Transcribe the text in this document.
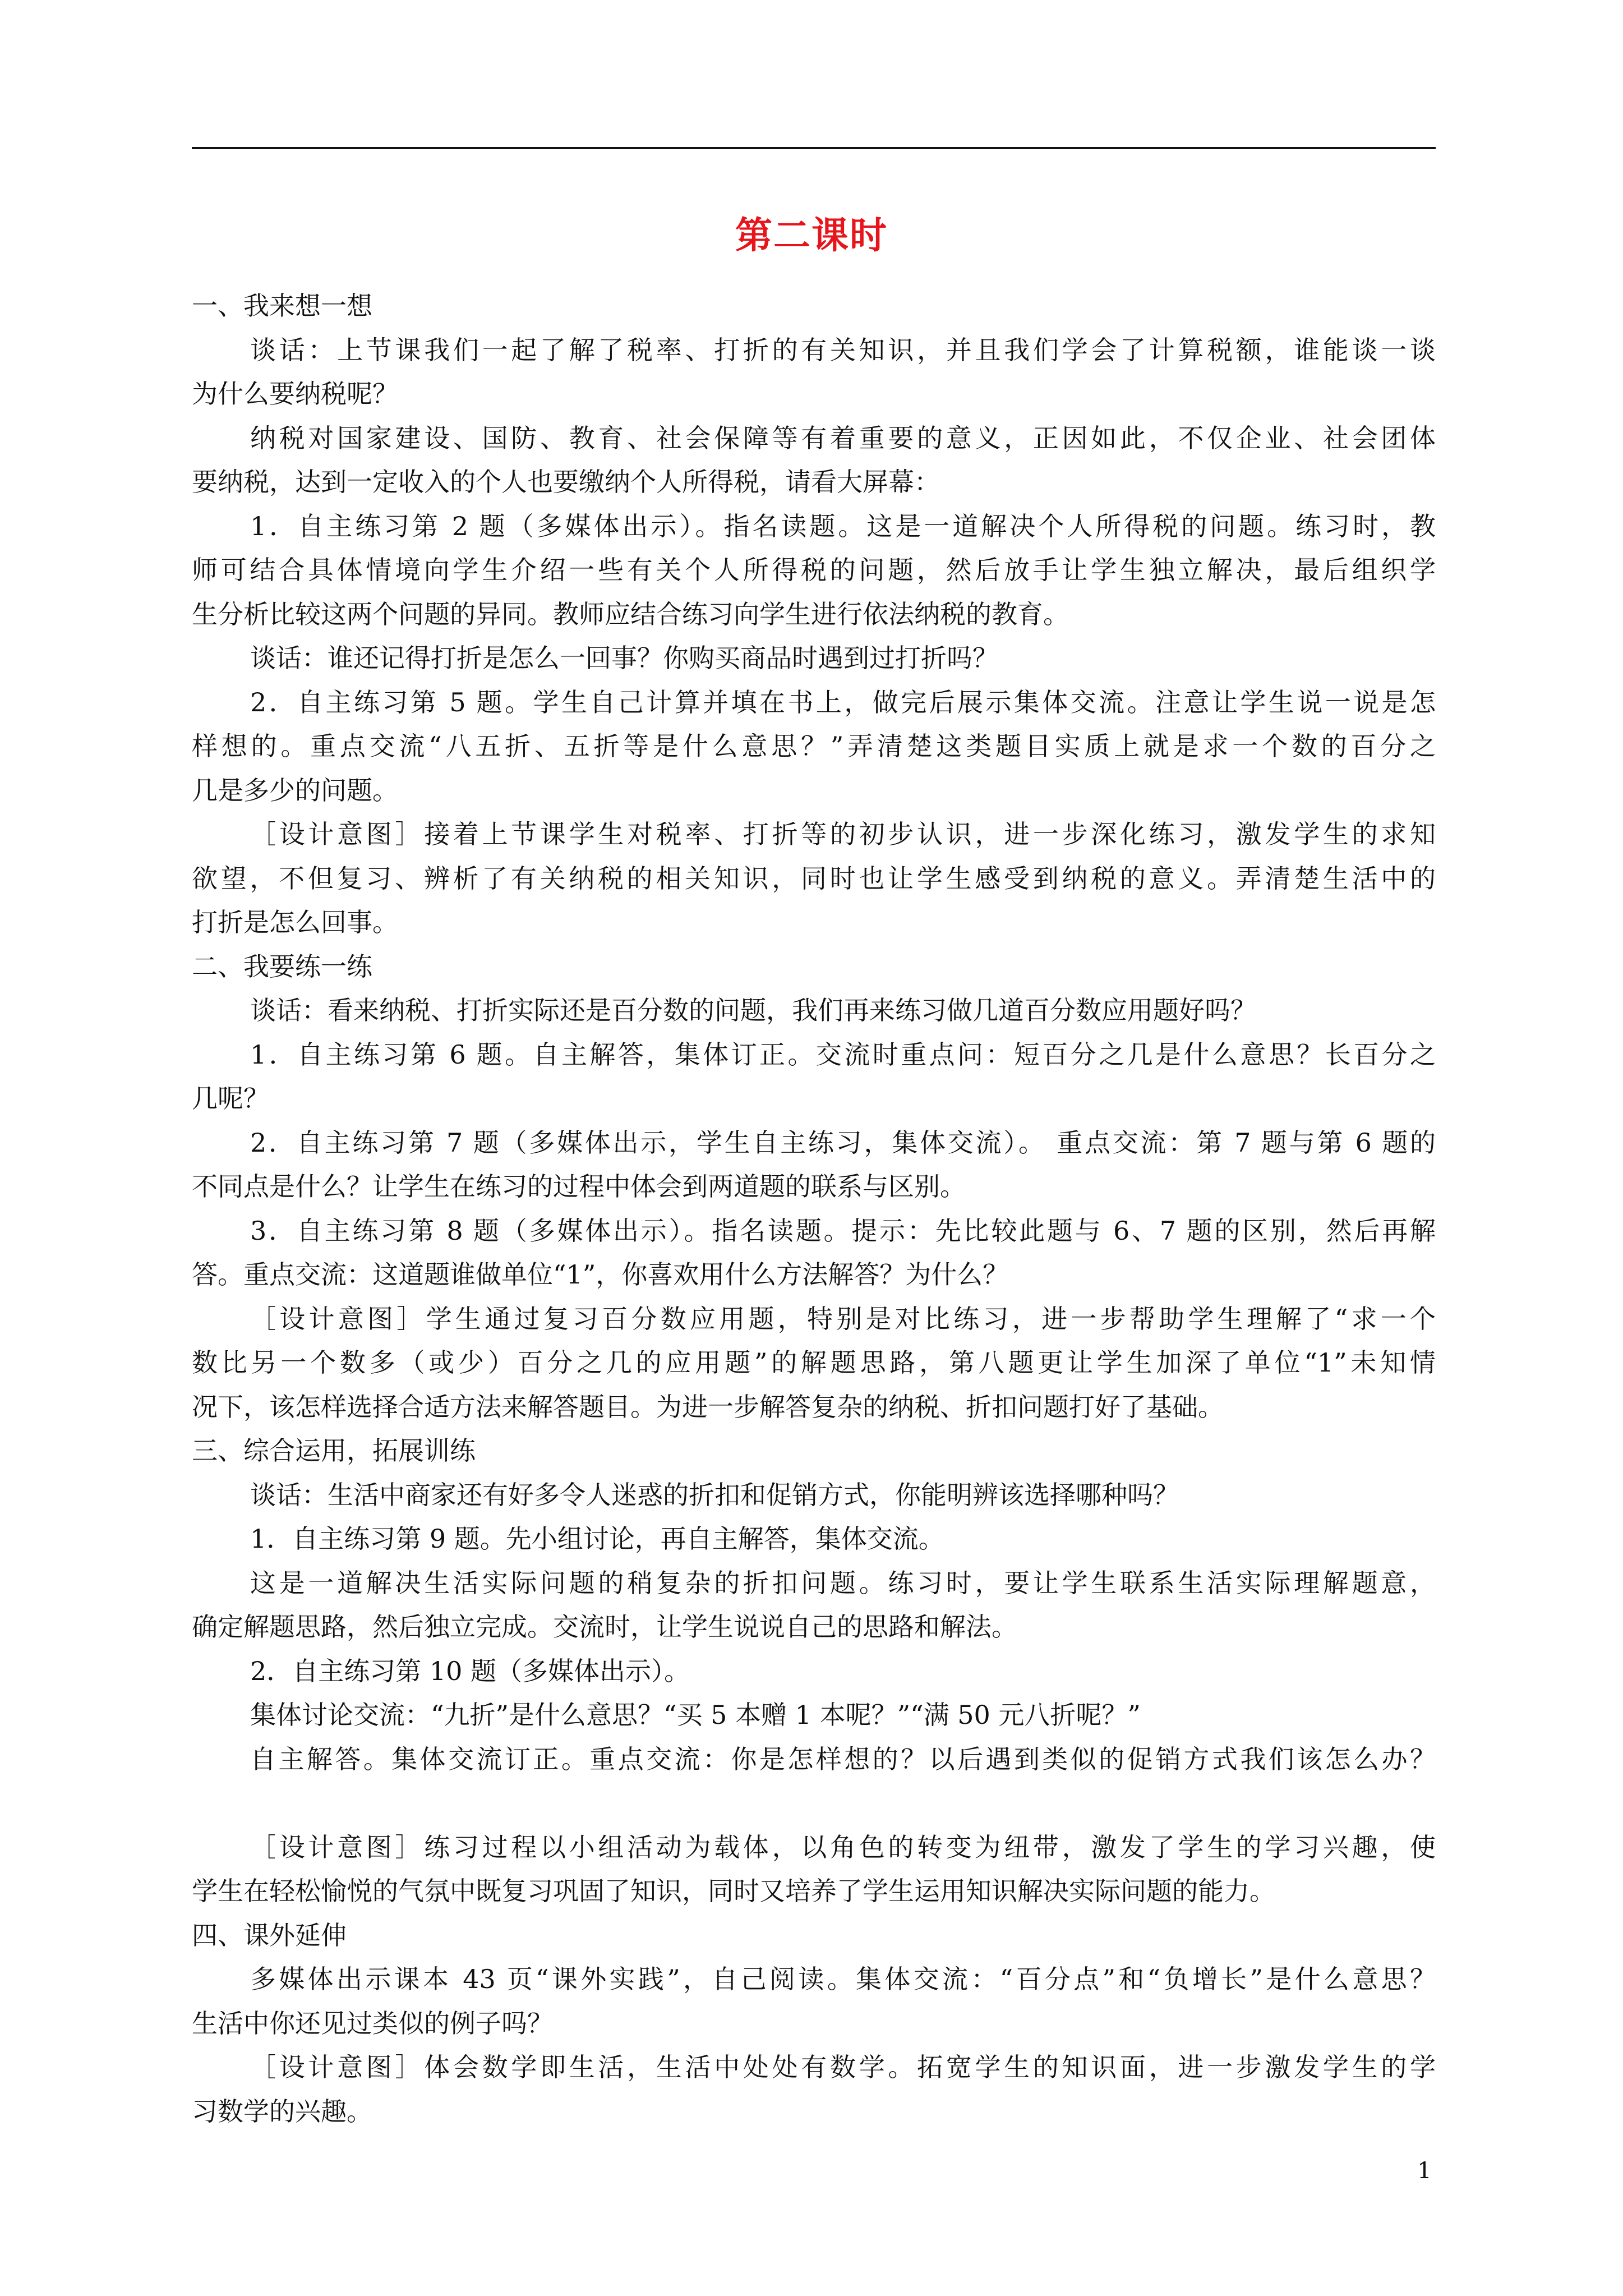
第二课时
一、我来想一想
谈话：上节课我们一起了解了税率、打折的有关知识，并且我们学会了计算税额，谁能谈一谈
为什么要纳税呢？
纳税对国家建设、国防、教育、社会保障等有着重要的意义，正因如此，不仅企业、社会团体
要纳税，达到一定收入的个人也要缴纳个人所得税，请看大屏幕：
1．自主练习第 2 题（多媒体出示）。指名读题。这是一道解决个人所得税的问题。练习时，教
师可结合具体情境向学生介绍一些有关个人所得税的问题，然后放手让学生独立解决，最后组织学
生分析比较这两个问题的异同。教师应结合练习向学生进行依法纳税的教育。
谈话：谁还记得打折是怎么一回事？你购买商品时遇到过打折吗？
2．自主练习第 5 题。学生自己计算并填在书上，做完后展示集体交流。注意让学生说一说是怎
样想的。重点交流“八五折、五折等是什么意思？”弄清楚这类题目实质上就是求一个数的百分之
几是多少的问题。
［设计意图］接着上节课学生对税率、打折等的初步认识，进一步深化练习，激发学生的求知
欲望，不但复习、辨析了有关纳税的相关知识，同时也让学生感受到纳税的意义。弄清楚生活中的
打折是怎么回事。
二、我要练一练
谈话：看来纳税、打折实际还是百分数的问题，我们再来练习做几道百分数应用题好吗？
1．自主练习第 6 题。自主解答，集体订正。交流时重点问：短百分之几是什么意思？长百分之
几呢？
2．自主练习第 7 题（多媒体出示，学生自主练习，集体交流）。 重点交流：第 7 题与第 6 题的
不同点是什么？让学生在练习的过程中体会到两道题的联系与区别。
3．自主练习第 8 题（多媒体出示）。指名读题。提示：先比较此题与 6、7 题的区别，然后再解
答。重点交流：这道题谁做单位“1”，你喜欢用什么方法解答？为什么？
［设计意图］学生通过复习百分数应用题，特别是对比练习，进一步帮助学生理解了“求一个
数比另一个数多（或少）百分之几的应用题”的解题思路，第八题更让学生加深了单位“1”未知情
况下，该怎样选择合适方法来解答题目。为进一步解答复杂的纳税、折扣问题打好了基础。
三、综合运用，拓展训练
谈话：生活中商家还有好多令人迷惑的折扣和促销方式，你能明辨该选择哪种吗？
1．自主练习第 9 题。先小组讨论，再自主解答，集体交流。
这是一道解决生活实际问题的稍复杂的折扣问题。练习时，要让学生联系生活实际理解题意，
确定解题思路，然后独立完成。交流时，让学生说说自己的思路和解法。
2．自主练习第 10 题（多媒体出示）。
集体讨论交流：“九折”是什么意思？“买 5 本赠 1 本呢？”“满 50 元八折呢？”
自主解答。集体交流订正。重点交流：你是怎样想的？以后遇到类似的促销方式我们该怎么办？
［设计意图］练习过程以小组活动为载体，以角色的转变为纽带，激发了学生的学习兴趣，使
学生在轻松愉悦的气氛中既复习巩固了知识，同时又培养了学生运用知识解决实际问题的能力。
四、课外延伸
多媒体出示课本 43 页“课外实践”，自己阅读。集体交流：“百分点”和“负增长”是什么意思？
生活中你还见过类似的例子吗？
［设计意图］体会数学即生活，生活中处处有数学。拓宽学生的知识面，进一步激发学生的学
习数学的兴趣。
1
